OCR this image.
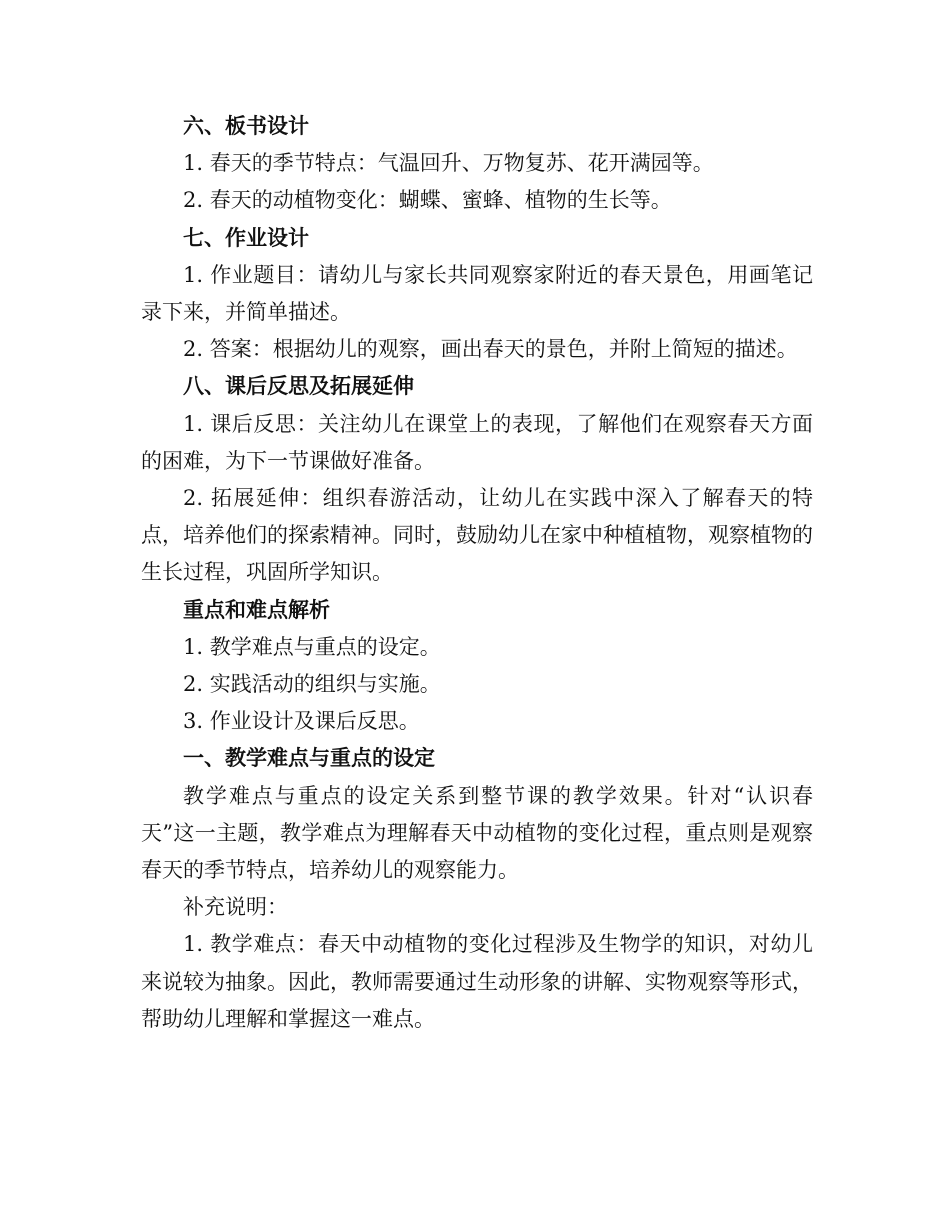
六、板书设计

1. 春天的季节特点：气温回升、万物复苏、花开满园等。

2. 春天的动植物变化：蝴蝶、蜜蜂、植物的生长等。

七、作业设计

1. 作业题目：请幼儿与家长共同观察家附近的春天景色，用画笔记录下来，并简单描述。

2. 答案：根据幼儿的观察，画出春天的景色，并附上简短的描述。

八、课后反思及拓展延伸

1. 课后反思：关注幼儿在课堂上的表现，了解他们在观察春天方面的困难，为下一节课做好准备。

2. 拓展延伸：组织春游活动，让幼儿在实践中深入了解春天的特点，培养他们的探索精神。同时，鼓励幼儿在家中种植植物，观察植物的生长过程，巩固所学知识。

重点和难点解析

1. 教学难点与重点的设定。

2. 实践活动的组织与实施。

3. 作业设计及课后反思。

一、教学难点与重点的设定

教学难点与重点的设定关系到整节课的教学效果。针对“认识春天”这一主题，教学难点为理解春天中动植物的变化过程，重点则是观察春天的季节特点，培养幼儿的观察能力。

补充说明：

1. 教学难点：春天中动植物的变化过程涉及生物学的知识，对幼儿来说较为抽象。因此，教师需要通过生动形象的讲解、实物观察等形式，帮助幼儿理解和掌握这一难点。
